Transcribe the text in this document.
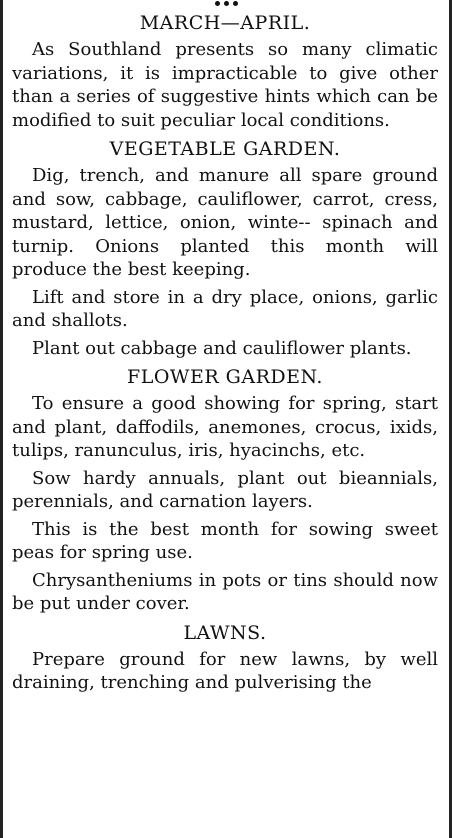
MARCH—APRIL.

As Southland presents so many climatic variations, it is impracticable to give other than a series of suggestive hints which can be modified to suit peculiar local conditions.

VEGETABLE GARDEN.

Dig, trench, and manure all spare ground and sow, cabbage, cauliflower, carrot, cress, mustard, lettice, onion, winte-- spinach and turnip. Onions planted this month will produce the best keeping.

Lift and store in a dry place, onions, garlic and shallots.

Plant out cabbage and cauliflower plants.

FLOWER GARDEN.

To ensure a good showing for spring, start and plant, daffodils, anemones, crocus, ixids, tulips, ranunculus, iris, hyacinchs, etc.

Sow hardy annuals, plant out bieannials, perennials, and carnation layers.

This is the best month for sowing sweet peas for spring use.

Chrysantheniums in pots or tins should now be put under cover.

LAWNS.

Prepare ground for new lawns, by well draining, trenching and pulverising the
